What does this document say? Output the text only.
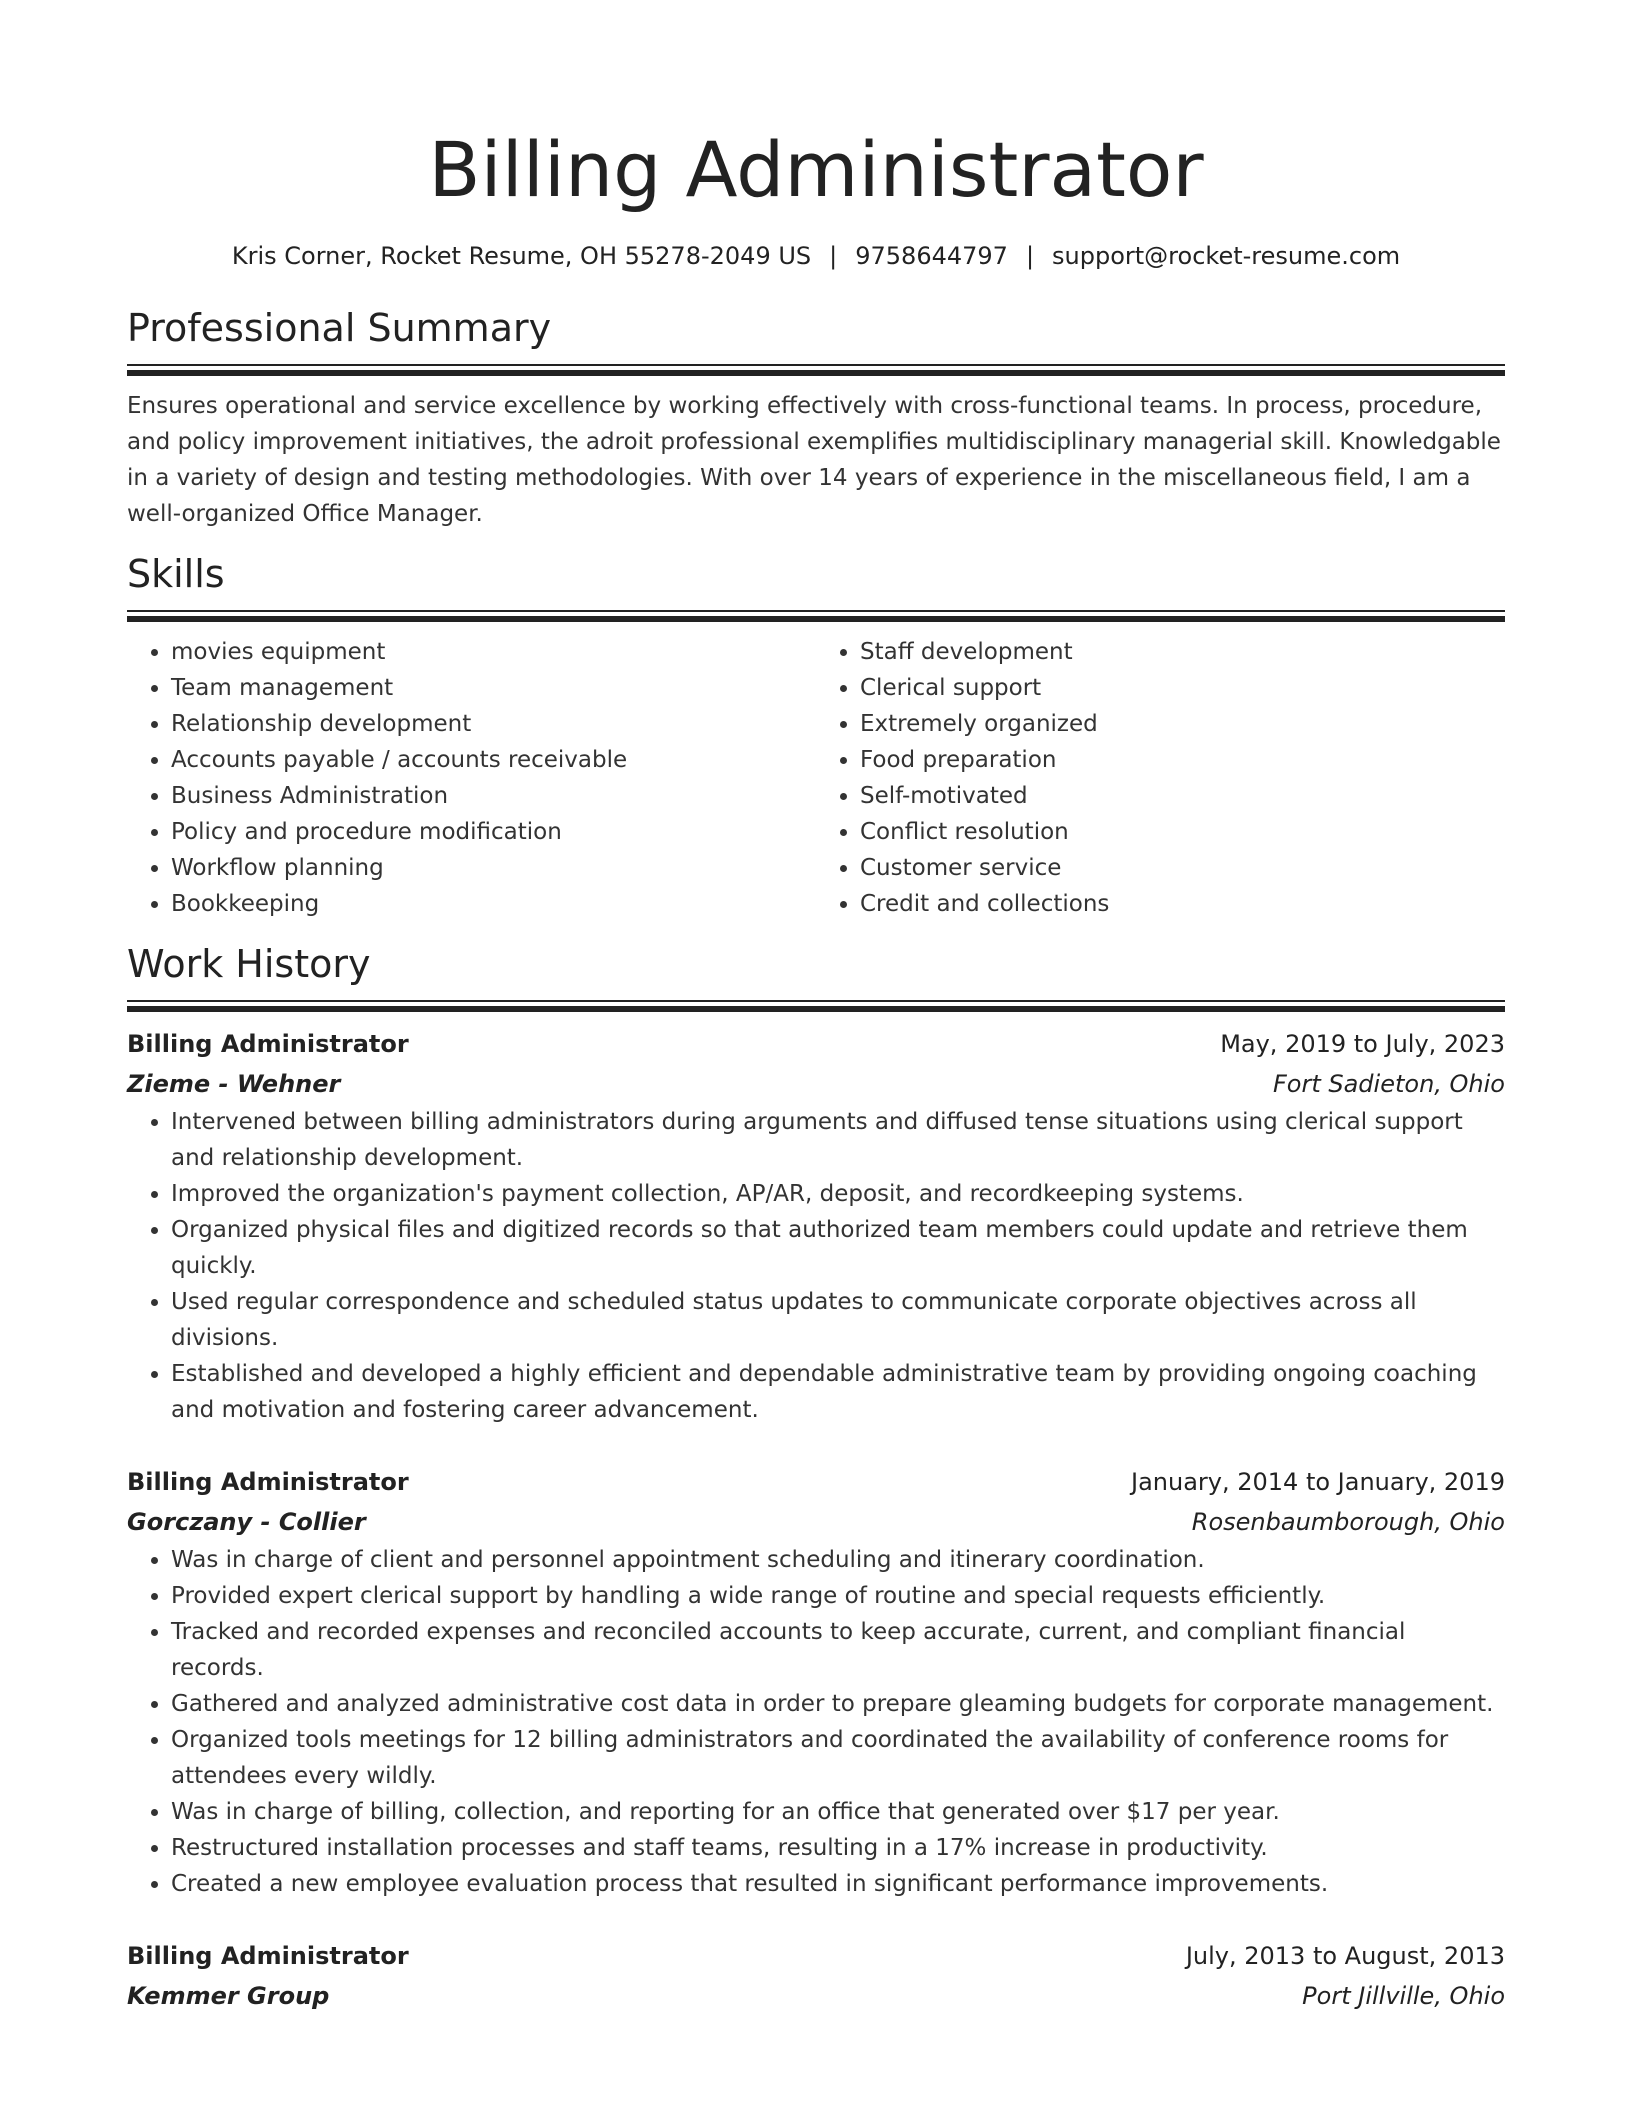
Billing Administrator
Kris Corner, Rocket Resume, OH 55278-2049 US | 9758644797 | support@rocket-resume.com
Professional Summary
Ensures operational and service excellence by working effectively with cross-functional teams. In process, procedure, and policy improvement initiatives, the adroit professional exemplifies multidisciplinary managerial skill. Knowledgable in a variety of design and testing methodologies. With over 14 years of experience in the miscellaneous field, I am a well-organized Office Manager.
Skills
• movies equipment
• Team management
• Relationship development
• Accounts payable / accounts receivable
• Business Administration
• Policy and procedure modification
• Workflow planning
• Bookkeeping
• Staff development
• Clerical support
• Extremely organized
• Food preparation
• Self-motivated
• Conflict resolution
• Customer service
• Credit and collections
Work History
Billing Administrator	May, 2019 to July, 2023
Zieme - Wehner	Fort Sadieton, Ohio
• Intervened between billing administrators during arguments and diffused tense situations using clerical support and relationship development.
• Improved the organization's payment collection, AP/AR, deposit, and recordkeeping systems.
• Organized physical files and digitized records so that authorized team members could update and retrieve them quickly.
• Used regular correspondence and scheduled status updates to communicate corporate objectives across all divisions.
• Established and developed a highly efficient and dependable administrative team by providing ongoing coaching and motivation and fostering career advancement.
Billing Administrator	January, 2014 to January, 2019
Gorczany - Collier	Rosenbaumborough, Ohio
• Was in charge of client and personnel appointment scheduling and itinerary coordination.
• Provided expert clerical support by handling a wide range of routine and special requests efficiently.
• Tracked and recorded expenses and reconciled accounts to keep accurate, current, and compliant financial records.
• Gathered and analyzed administrative cost data in order to prepare gleaming budgets for corporate management.
• Organized tools meetings for 12 billing administrators and coordinated the availability of conference rooms for attendees every wildly.
• Was in charge of billing, collection, and reporting for an office that generated over $17 per year.
• Restructured installation processes and staff teams, resulting in a 17% increase in productivity.
• Created a new employee evaluation process that resulted in significant performance improvements.
Billing Administrator	July, 2013 to August, 2013
Kemmer Group	Port Jillville, Ohio
